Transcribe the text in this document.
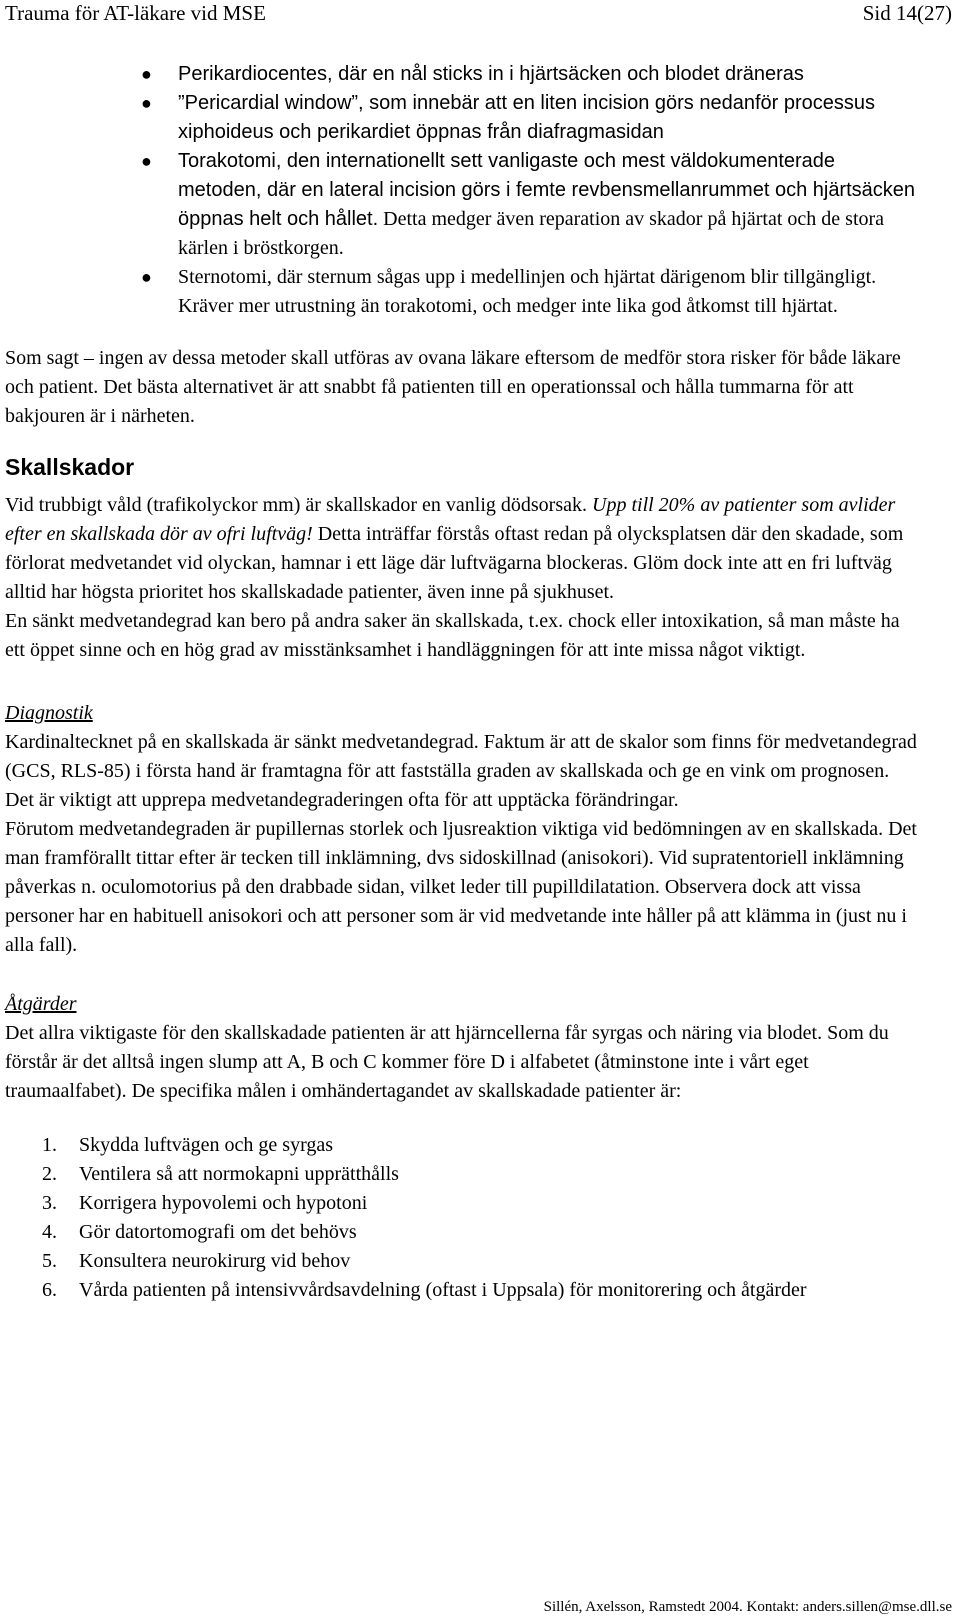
Trauma för AT-läkare vid MSE	Sid 14(27)
● Perikardiocentes, där en nål sticks in i hjärtsäcken och blodet dräneras
● ”Pericardial window”, som innebär att en liten incision görs nedanför processus xiphoideus och perikardiet öppnas från diafragmasidan
● Torakotomi, den internationellt sett vanligaste och mest väldokumenterade metoden, där en lateral incision görs i femte revbensmellanrummet och hjärtsäcken öppnas helt och hållet. Detta medger även reparation av skador på hjärtat och de stora kärlen i bröstkorgen.
● Sternotomi, där sternum sågas upp i medellinjen och hjärtat därigenom blir tillgängligt. Kräver mer utrustning än torakotomi, och medger inte lika god åtkomst till hjärtat.

Som sagt – ingen av dessa metoder skall utföras av ovana läkare eftersom de medför stora risker för både läkare och patient. Det bästa alternativet är att snabbt få patienten till en operationssal och hålla tummarna för att bakjouren är i närheten.

Skallskador

Vid trubbigt våld (trafikolyckor mm) är skallskador en vanlig dödsorsak. Upp till 20% av patienter som avlider efter en skallskada dör av ofri luftväg! Detta inträffar förstås oftast redan på olycksplatsen där den skadade, som förlorat medvetandet vid olyckan, hamnar i ett läge där luftvägarna blockeras. Glöm dock inte att en fri luftväg alltid har högsta prioritet hos skallskadade patienter, även inne på sjukhuset.

En sänkt medvetandegrad kan bero på andra saker än skallskada, t.ex. chock eller intoxikation, så man måste ha ett öppet sinne och en hög grad av misstänksamhet i handläggningen för att inte missa något viktigt.

Diagnostik

Kardinaltecknet på en skallskada är sänkt medvetandegrad. Faktum är att de skalor som finns för medvetandegrad (GCS, RLS-85) i första hand är framtagna för att fastställa graden av skallskada och ge en vink om prognosen. Det är viktigt att upprepa medvetandegraderingen ofta för att upptäcka förändringar.

Förutom medvetandegraden är pupillernas storlek och ljusreaktion viktiga vid bedömningen av en skallskada. Det man framförallt tittar efter är tecken till inklämning, dvs sidoskillnad (anisokori). Vid supratentoriell inklämning påverkas n. oculomotorius på den drabbade sidan, vilket leder till pupilldilatation. Observera dock att vissa personer har en habituell anisokori och att personer som är vid medvetande inte håller på att klämma in (just nu i alla fall).

Åtgärder

Det allra viktigaste för den skallskadade patienten är att hjärncellerna får syrgas och näring via blodet. Som du förstår är det alltså ingen slump att A, B och C kommer före D i alfabetet (åtminstone inte i vårt eget traumaalfabet). De specifika målen i omhändertagandet av skallskadade patienter är:

1. Skydda luftvägen och ge syrgas
2. Ventilera så att normokapni upprätthålls
3. Korrigera hypovolemi och hypotoni
4. Gör datortomografi om det behövs
5. Konsultera neurokirurg vid behov
6. Vårda patienten på intensivvårdsavdelning (oftast i Uppsala) för monitorering och åtgärder
Sillén, Axelsson, Ramstedt 2004. Kontakt: anders.sillen@mse.dll.se
